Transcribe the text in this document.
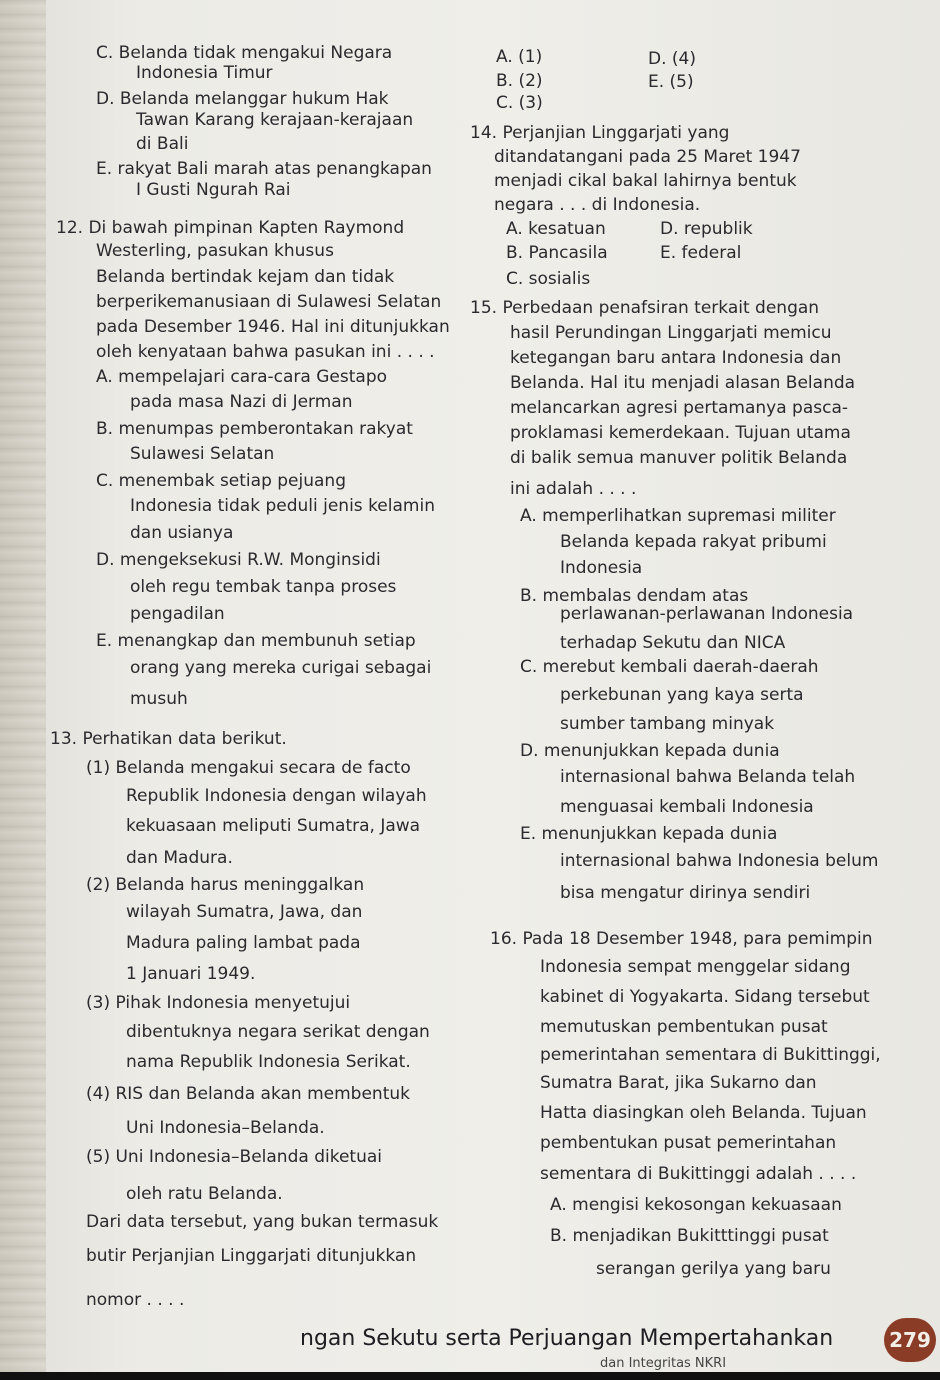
C. Belanda tidak mengakui Negara
Indonesia Timur
D. Belanda melanggar hukum Hak
Tawan Karang kerajaan-kerajaan
di Bali
E. rakyat Bali marah atas penangkapan
I Gusti Ngurah Rai
12. Di bawah pimpinan Kapten Raymond
Westerling, pasukan khusus
Belanda bertindak kejam dan tidak
berperikemanusiaan di Sulawesi Selatan
pada Desember 1946. Hal ini ditunjukkan
oleh kenyataan bahwa pasukan ini . . . .
A. mempelajari cara-cara Gestapo
pada masa Nazi di Jerman
B. menumpas pemberontakan rakyat
Sulawesi Selatan
C. menembak setiap pejuang
Indonesia tidak peduli jenis kelamin
dan usianya
D. mengeksekusi R.W. Monginsidi
oleh regu tembak tanpa proses
pengadilan
E. menangkap dan membunuh setiap
orang yang mereka curigai sebagai
musuh
13. Perhatikan data berikut.
(1) Belanda mengakui secara de facto
Republik Indonesia dengan wilayah
kekuasaan meliputi Sumatra, Jawa
dan Madura.
(2) Belanda harus meninggalkan
wilayah Sumatra, Jawa, dan
Madura paling lambat pada
1 Januari 1949.
(3) Pihak Indonesia menyetujui
dibentuknya negara serikat dengan
nama Republik Indonesia Serikat.
(4) RIS dan Belanda akan membentuk
Uni Indonesia–Belanda.
(5) Uni Indonesia–Belanda diketuai
oleh ratu Belanda.
Dari data tersebut, yang bukan termasuk
butir Perjanjian Linggarjati ditunjukkan
nomor . . . .
A. (1)	D. (4)
B. (2)	E. (5)
C. (3)
14. Perjanjian Linggarjati yang
ditandatangani pada 25 Maret 1947
menjadi cikal bakal lahirnya bentuk
negara . . . di Indonesia.
A. kesatuan	D. republik
B. Pancasila	E. federal
C. sosialis
15. Perbedaan penafsiran terkait dengan
hasil Perundingan Linggarjati memicu
ketegangan baru antara Indonesia dan
Belanda. Hal itu menjadi alasan Belanda
melancarkan agresi pertamanya pasca-
proklamasi kemerdekaan. Tujuan utama
di balik semua manuver politik Belanda
ini adalah . . . .
A. memperlihatkan supremasi militer
Belanda kepada rakyat pribumi
Indonesia
B. membalas dendam atas
perlawanan-perlawanan Indonesia
terhadap Sekutu dan NICA
C. merebut kembali daerah-daerah
perkebunan yang kaya serta
sumber tambang minyak
D. menunjukkan kepada dunia
internasional bahwa Belanda telah
menguasai kembali Indonesia
E. menunjukkan kepada dunia
internasional bahwa Indonesia belum
bisa mengatur dirinya sendiri
16. Pada 18 Desember 1948, para pemimpin
Indonesia sempat menggelar sidang
kabinet di Yogyakarta. Sidang tersebut
memutuskan pembentukan pusat
pemerintahan sementara di Bukittinggi,
Sumatra Barat, jika Sukarno dan
Hatta diasingkan oleh Belanda. Tujuan
pembentukan pusat pemerintahan
sementara di Bukittinggi adalah . . . .
A. mengisi kekosongan kekuasaan
B. menjadikan Bukitttinggi pusat
serangan gerilya yang baru
ngan Sekutu serta Perjuangan Mempertahankan
dan Integritas NKRI
279
